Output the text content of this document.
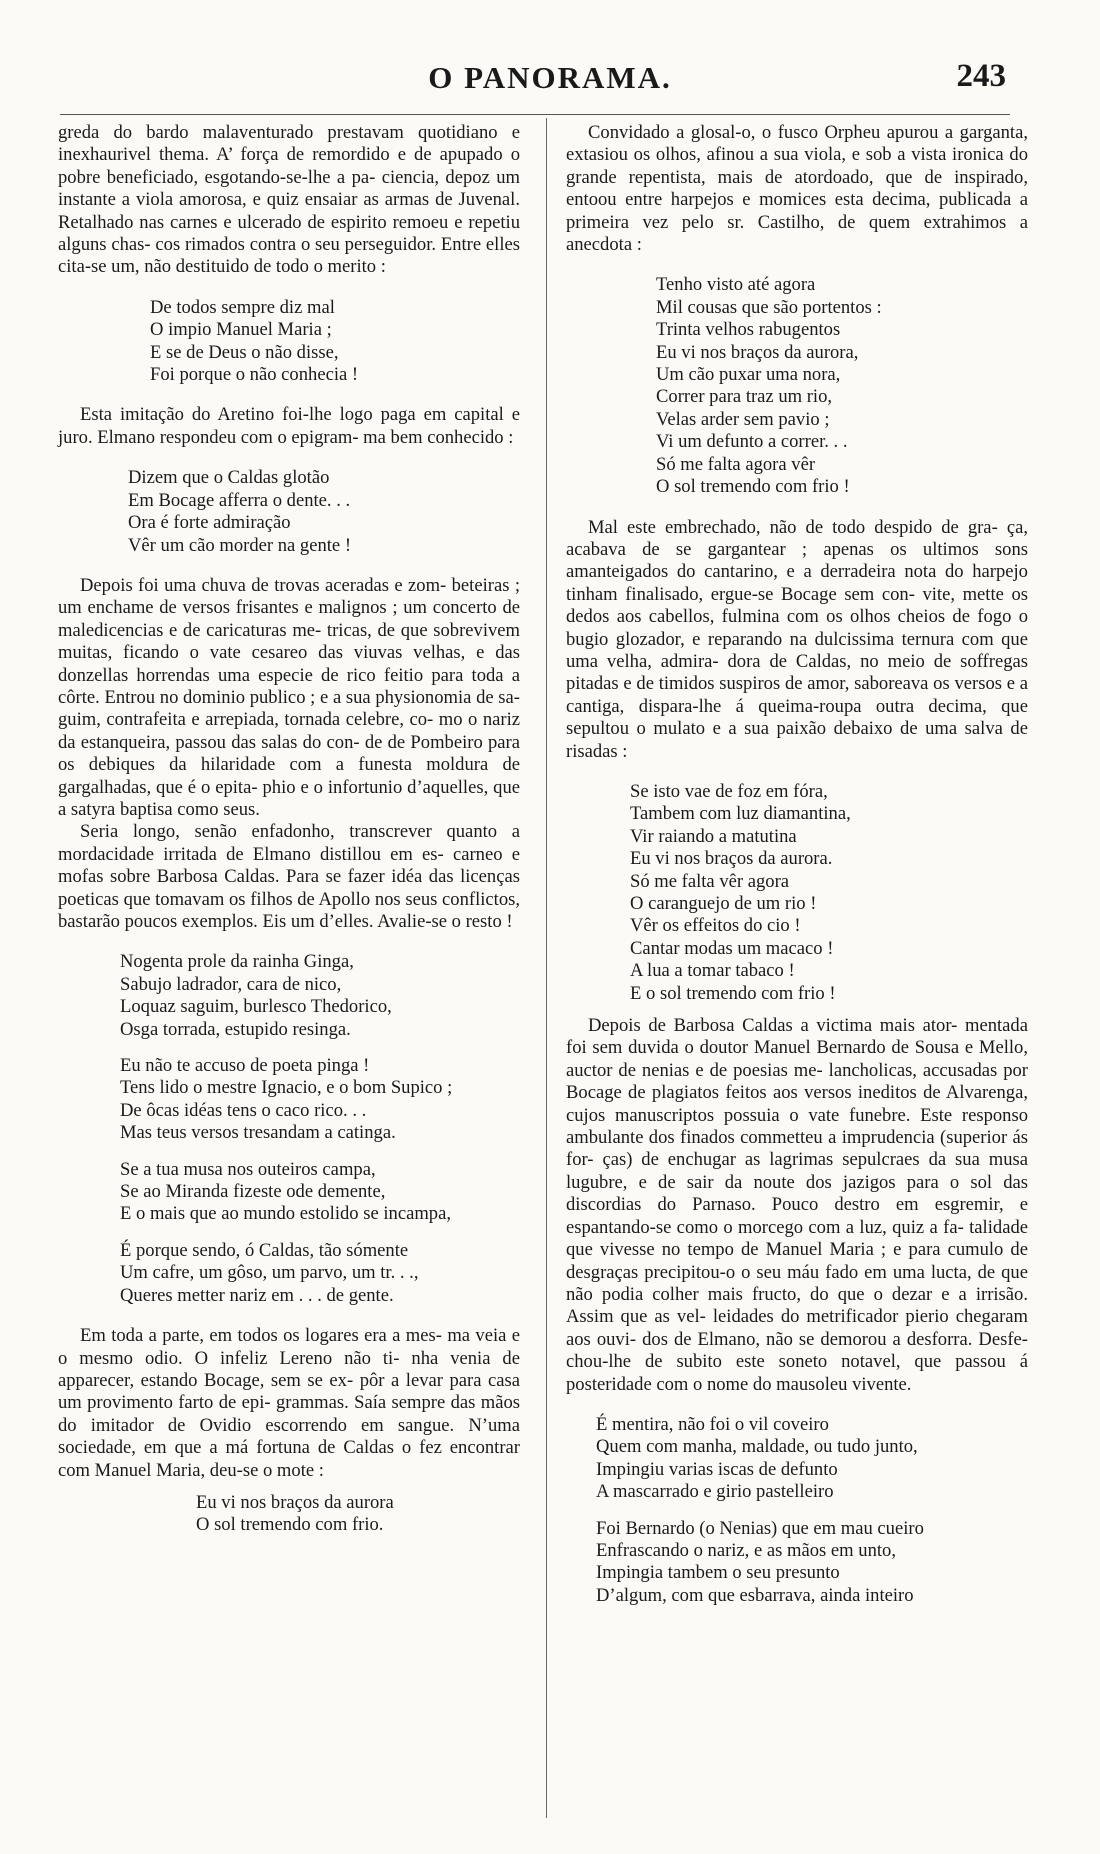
O PANORAMA.	243

greda do bardo malaventurado prestavam quotidiano e inexhaurivel thema. A’ força de remordido e de apupado o pobre beneficiado, esgotando-se-lhe a pa- ciencia, depoz um instante a viola amorosa, e quiz ensaiar as armas de Juvenal. Retalhado nas carnes e ulcerado de espirito remoeu e repetiu alguns chas- cos rimados contra o seu perseguidor. Entre elles cita-se um, não destituido de todo o merito :

De todos sempre diz mal
O impio Manuel Maria ;
E se de Deus o não disse,
Foi porque o não conhecia !

Esta imitação do Aretino foi-lhe logo paga em capital e juro. Elmano respondeu com o epigram- ma bem conhecido :

Dizem que o Caldas glotão
Em Bocage afferra o dente. . .
Ora é forte admiração
Vêr um cão morder na gente !

Depois foi uma chuva de trovas aceradas e zom- beteiras ; um enchame de versos frisantes e malignos ; um concerto de maledicencias e de caricaturas me- tricas, de que sobrevivem muitas, ficando o vate cesareo das viuvas velhas, e das donzellas horrendas uma especie de rico feitio para toda a côrte. Entrou no dominio publico ; e a sua physionomia de sa- guim, contrafeita e arrepiada, tornada celebre, co- mo o nariz da estanqueira, passou das salas do con- de de Pombeiro para os debiques da hilaridade com a funesta moldura de gargalhadas, que é o epita- phio e o infortunio d’aquelles, que a satyra baptisa como seus.

Seria longo, senão enfadonho, transcrever quanto a mordacidade irritada de Elmano distillou em es- carneo e mofas sobre Barbosa Caldas. Para se fazer idéa das licenças poeticas que tomavam os filhos de Apollo nos seus conflictos, bastarão poucos exemplos. Eis um d’elles. Avalie-se o resto !

Nogenta prole da rainha Ginga,
Sabujo ladrador, cara de nico,
Loquaz saguim, burlesco Thedorico,
Osga torrada, estupido resinga.
Eu não te accuso de poeta pinga !
Tens lido o mestre Ignacio, e o bom Supico ;
De ôcas idéas tens o caco rico. . .
Mas teus versos tresandam a catinga.
Se a tua musa nos outeiros campa,
Se ao Miranda fizeste ode demente,
E o mais que ao mundo estolido se incampa,
É porque sendo, ó Caldas, tão sómente
Um cafre, um gôso, um parvo, um tr. . .,
Queres metter nariz em . . . de gente.

Em toda a parte, em todos os logares era a mes- ma veia e o mesmo odio. O infeliz Lereno não ti- nha venia de apparecer, estando Bocage, sem se ex- pôr a levar para casa um provimento farto de epi- grammas. Saía sempre das mãos do imitador de Ovidio escorrendo em sangue. N’uma sociedade, em que a má fortuna de Caldas o fez encontrar com Manuel Maria, deu-se o mote :

Eu vi nos braços da aurora
O sol tremendo com frio.

Convidado a glosal-o, o fusco Orpheu apurou a garganta, extasiou os olhos, afinou a sua viola, e sob a vista ironica do grande repentista, mais de atordoado, que de inspirado, entoou entre harpejos e momices esta decima, publicada a primeira vez pelo sr. Castilho, de quem extrahimos a anecdota :

Tenho visto até agora
Mil cousas que são portentos :
Trinta velhos rabugentos
Eu vi nos braços da aurora,
Um cão puxar uma nora,
Correr para traz um rio,
Velas arder sem pavio ;
Vi um defunto a correr. . .
Só me falta agora vêr
O sol tremendo com frio !

Mal este embrechado, não de todo despido de gra- ça, acabava de se gargantear ; apenas os ultimos sons amanteigados do cantarino, e a derradeira nota do harpejo tinham finalisado, ergue-se Bocage sem con- vite, mette os dedos aos cabellos, fulmina com os olhos cheios de fogo o bugio glozador, e reparando na dulcissima ternura com que uma velha, admira- dora de Caldas, no meio de soffregas pitadas e de timidos suspiros de amor, saboreava os versos e a cantiga, dispara-lhe á queima-roupa outra decima, que sepultou o mulato e a sua paixão debaixo de uma salva de risadas :

Se isto vae de foz em fóra,
Tambem com luz diamantina,
Vir raiando a matutina
Eu vi nos braços da aurora.
Só me falta vêr agora
O caranguejo de um rio !
Vêr os effeitos do cio !
Cantar modas um macaco !
A lua a tomar tabaco !
E o sol tremendo com frio !

Depois de Barbosa Caldas a victima mais ator- mentada foi sem duvida o doutor Manuel Bernardo de Sousa e Mello, auctor de nenias e de poesias me- lancholicas, accusadas por Bocage de plagiatos feitos aos versos ineditos de Alvarenga, cujos manuscriptos possuia o vate funebre. Este responso ambulante dos finados commetteu a imprudencia (superior ás for- ças) de enchugar as lagrimas sepulcraes da sua musa lugubre, e de sair da noute dos jazigos para o sol das discordias do Parnaso. Pouco destro em esgremir, e espantando-se como o morcego com a luz, quiz a fa- talidade que vivesse no tempo de Manuel Maria ; e para cumulo de desgraças precipitou-o o seu máu fado em uma lucta, de que não podia colher mais fructo, do que o dezar e a irrisão. Assim que as vel- leidades do metrificador pierio chegaram aos ouvi- dos de Elmano, não se demorou a desforra. Desfe- chou-lhe de subito este soneto notavel, que passou á posteridade com o nome do mausoleu vivente.

É mentira, não foi o vil coveiro
Quem com manha, maldade, ou tudo junto,
Impingiu varias iscas de defunto
A mascarrado e girio pastelleiro
Foi Bernardo (o Nenias) que em mau cueiro
Enfrascando o nariz, e as mãos em unto,
Impingia tambem o seu presunto
D’algum, com que esbarrava, ainda inteiro
